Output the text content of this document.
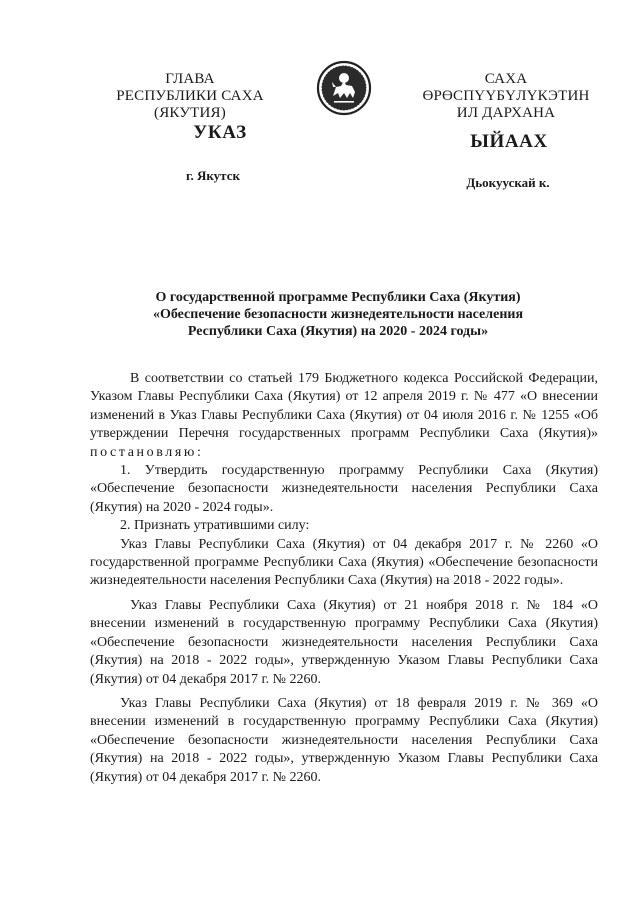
ГЛАВА
РЕСПУБЛИКИ САХА (ЯКУТИЯ)
САХА ӨРӨСПҮҮБҮЛҮКЭТИН
ИЛ ДАРХАНА
УКАЗ	ЫЙААХ
г. Якутск	Дьокуускай к.
О государственной программе Республики Саха (Якутия)
«Обеспечение безопасности жизнедеятельности населения
Республики Саха (Якутия) на 2020 - 2024 годы»

В соответствии со статьей 179 Бюджетного кодекса Российской Федерации, Указом Главы Республики Саха (Якутия) от 12 апреля 2019 г. № 477 «О внесении изменений в Указ Главы Республики Саха (Якутия) от 04 июля 2016 г. № 1255 «Об утверждении Перечня государственных программ Республики Саха (Якутия)» постановляю:

1. Утвердить государственную программу Республики Саха (Якутия) «Обеспечение безопасности жизнедеятельности населения Республики Саха (Якутия) на 2020 - 2024 годы».

2. Признать утратившими силу:

Указ Главы Республики Саха (Якутия) от 04 декабря 2017 г. № 2260 «О государственной программе Республики Саха (Якутия) «Обеспечение безопасности жизнедеятельности населения Республики Саха (Якутия) на 2018 - 2022 годы».

Указ Главы Республики Саха (Якутия) от 21 ноября 2018 г. № 184 «О внесении изменений в государственную программу Республики Саха (Якутия) «Обеспечение безопасности жизнедеятельности населения Республики Саха (Якутия) на 2018 - 2022 годы», утвержденную Указом Главы Республики Саха (Якутия) от 04 декабря 2017 г. № 2260.

Указ Главы Республики Саха (Якутия) от 18 февраля 2019 г. № 369 «О внесении изменений в государственную программу Республики Саха (Якутия) «Обеспечение безопасности жизнедеятельности населения Республики Саха (Якутия) на 2018 - 2022 годы», утвержденную Указом Главы Республики Саха (Якутия) от 04 декабря 2017 г. № 2260.
